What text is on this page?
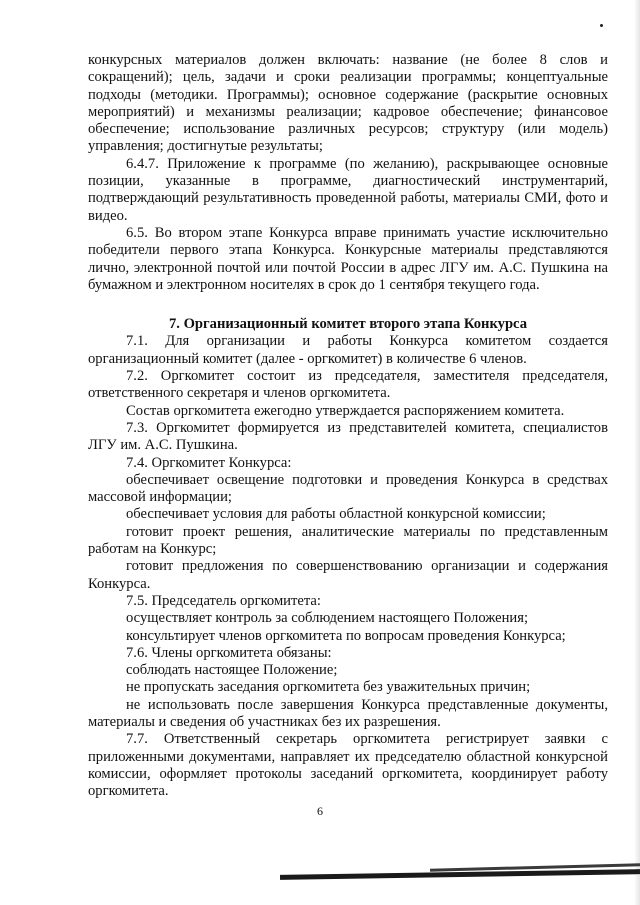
конкурсных материалов должен включать: название (не более 8 слов и сокращений); цель, задачи и сроки реализации программы; концептуальные подходы (методики. Программы); основное содержание (раскрытие основных мероприятий) и механизмы реализации; кадровое обеспечение; финансовое обеспечение; использование различных ресурсов; структуру (или модель) управления; достигнутые результаты;

6.4.7. Приложение к программе (по желанию), раскрывающее основные позиции, указанные в программе, диагностический инструментарий, подтверждающий результативность проведенной работы, материалы СМИ, фото и видео.

6.5. Во втором этапе Конкурса вправе принимать участие исключительно победители первого этапа Конкурса. Конкурсные материалы представляются лично, электронной почтой или почтой России в адрес ЛГУ им. А.С. Пушкина на бумажном и электронном носителях в срок до 1 сентября текущего года.

7. Организационный комитет второго этапа Конкурса

7.1. Для организации и работы Конкурса комитетом создается организационный комитет (далее - оргкомитет) в количестве 6 членов.

7.2. Оргкомитет состоит из председателя, заместителя председателя, ответственного секретаря и членов оргкомитета.

Состав оргкомитета ежегодно утверждается распоряжением комитета.

7.3. Оргкомитет формируется из представителей комитета, специалистов ЛГУ им. А.С. Пушкина.

7.4. Оргкомитет Конкурса:

обеспечивает освещение подготовки и проведения Конкурса в средствах массовой информации;

обеспечивает условия для работы областной конкурсной комиссии;

готовит проект решения, аналитические материалы по представленным работам на Конкурс;

готовит предложения по совершенствованию организации и содержания Конкурса.

7.5. Председатель оргкомитета:

осуществляет контроль за соблюдением настоящего Положения;

консультирует членов оргкомитета по вопросам проведения Конкурса;

7.6. Члены оргкомитета обязаны:

соблюдать настоящее Положение;

не пропускать заседания оргкомитета без уважительных причин;

не использовать после завершения Конкурса представленные документы, материалы и сведения об участниках без их разрешения.

7.7. Ответственный секретарь оргкомитета регистрирует заявки с приложенными документами, направляет их председателю областной конкурсной комиссии, оформляет протоколы заседаний оргкомитета, координирует работу оргкомитета.

6
